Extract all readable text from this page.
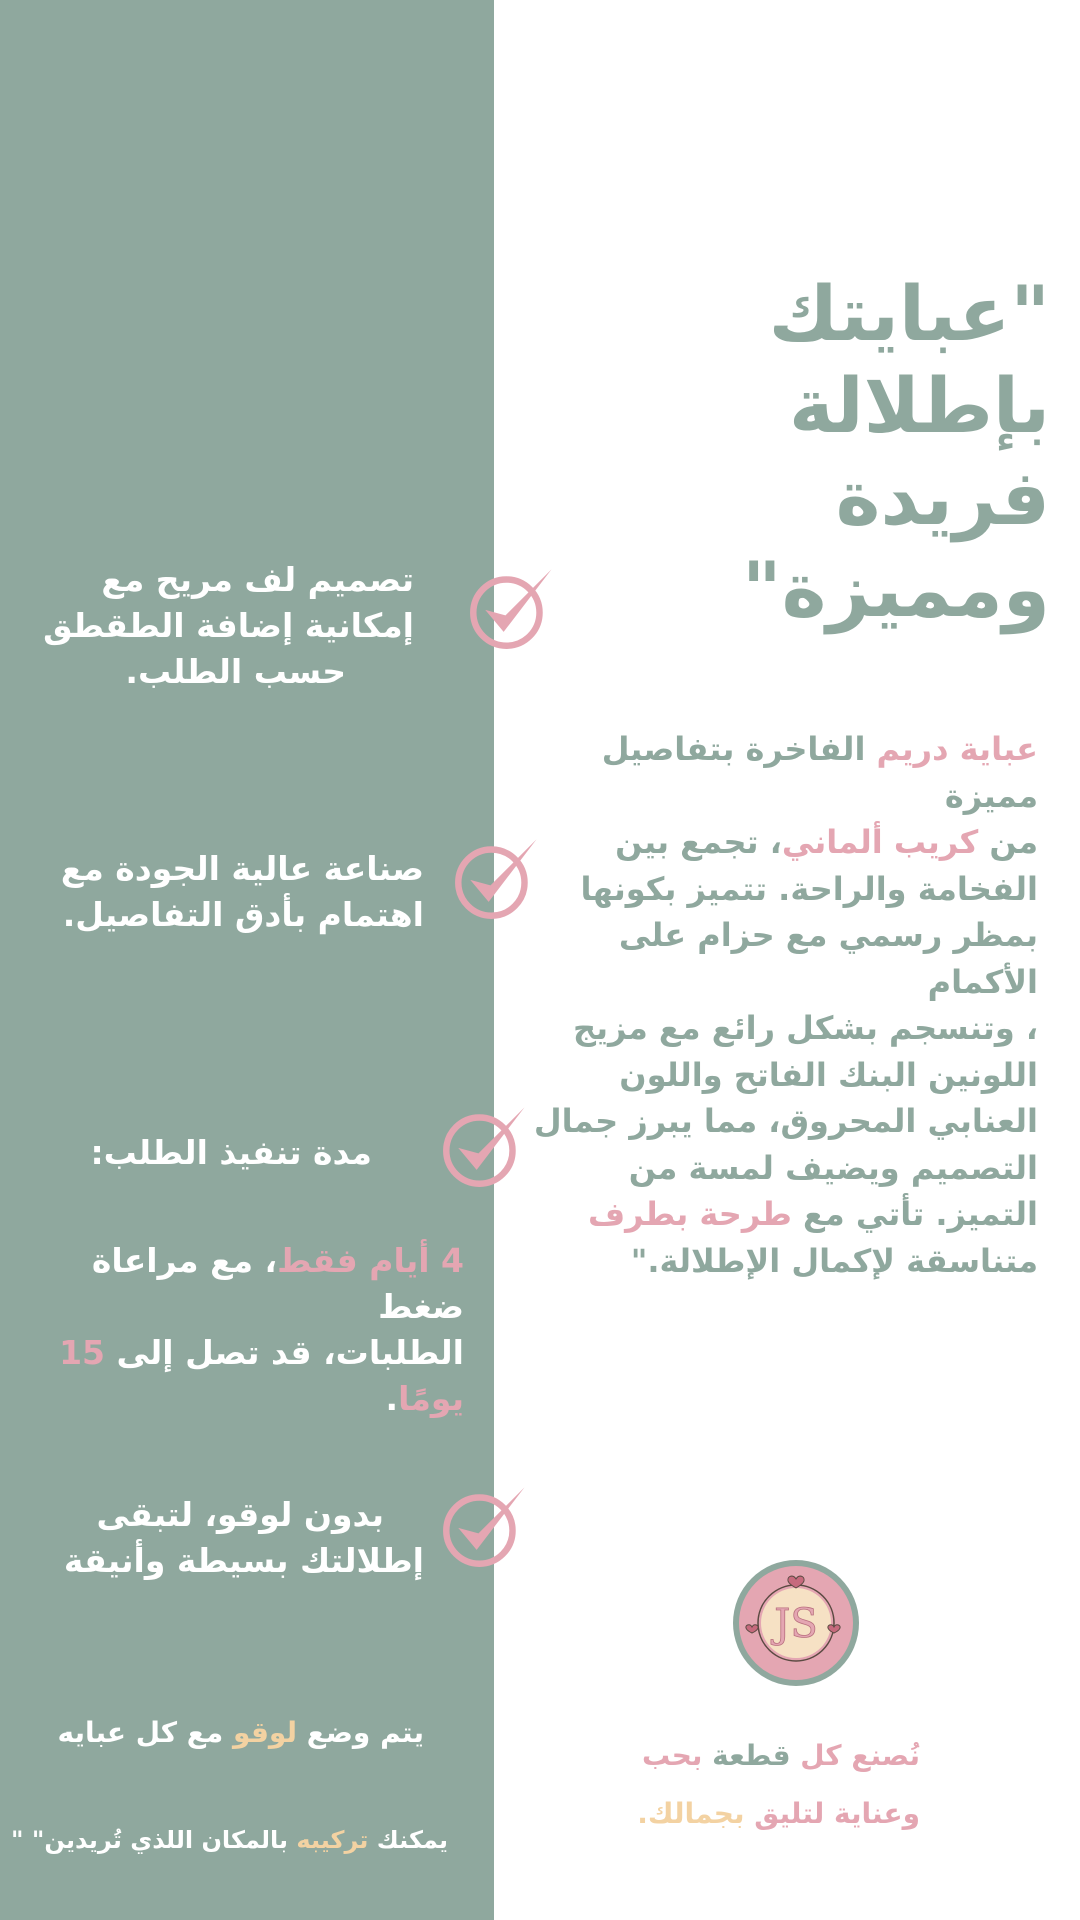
"عبايتك بإطلالة
فريدة ومميزة"
تصميم لف مريح مع
إمكانية إضافة الطقطق
حسب الطلب.
صناعة عالية الجودة مع
اهتمام بأدق التفاصيل.
مدة تنفيذ الطلب:
4 أيام فقط، مع مراعاة ضغط
الطلبات، قد تصل إلى 15 يومًا.
بدون لوقو، لتبقى
إطلالتك بسيطة وأنيقة
يتم وضع لوقو مع كل عبايه
يمكنك تركيبه بالمكان اللذي تُريدين" "
عباية دريم الفاخرة بتفاصيل مميزة
من كريب ألماني، تجمع بين
الفخامة والراحة. تتميز بكونها
بمظر رسمي مع حزام على الأكمام
، وتنسجم بشكل رائع مع مزيج
اللونين البنك الفاتح واللون
العنابي المحروق، مما يبرز جمال
التصميم ويضيف لمسة من
التميز. تأتي مع طرحة بطرف
متناسقة لإكمال الإطلالة."
JS
نُصنع كل قطعة بحب
وعناية لتليق بجمالك.
